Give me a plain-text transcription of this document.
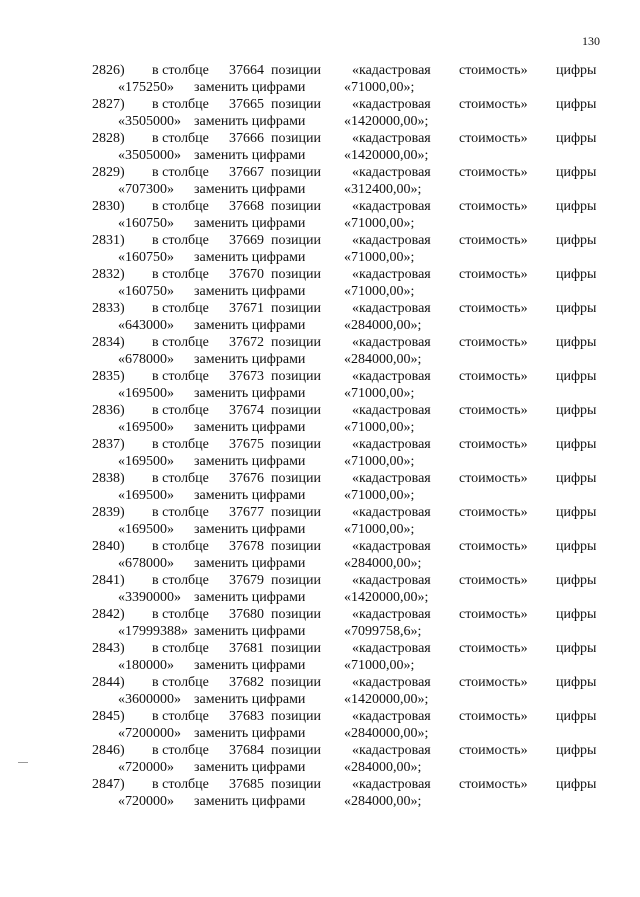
130
2826) в столбце 37664 позиции «кадастровая стоимость» цифры
«175250» заменить цифрами	«71000,00»;
2827) в столбце 37665 позиции «кадастровая стоимость» цифры
«3505000» заменить цифрами	«1420000,00»;
2828) в столбце 37666 позиции «кадастровая стоимость» цифры
«3505000» заменить цифрами	«1420000,00»;
2829) в столбце 37667 позиции «кадастровая стоимость» цифры
«707300» заменить цифрами	«312400,00»;
2830) в столбце 37668 позиции «кадастровая стоимость» цифры
«160750» заменить цифрами	«71000,00»;
2831) в столбце 37669 позиции «кадастровая стоимость» цифры
«160750» заменить цифрами	«71000,00»;
2832) в столбце 37670 позиции «кадастровая стоимость» цифры
«160750» заменить цифрами	«71000,00»;
2833) в столбце 37671 позиции «кадастровая стоимость» цифры
«643000» заменить цифрами	«284000,00»;
2834) в столбце 37672 позиции «кадастровая стоимость» цифры
«678000» заменить цифрами	«284000,00»;
2835) в столбце 37673 позиции «кадастровая стоимость» цифры
«169500» заменить цифрами	«71000,00»;
2836) в столбце 37674 позиции «кадастровая стоимость» цифры
«169500» заменить цифрами	«71000,00»;
2837) в столбце 37675 позиции «кадастровая стоимость» цифры
«169500» заменить цифрами	«71000,00»;
2838) в столбце 37676 позиции «кадастровая стоимость» цифры
«169500» заменить цифрами	«71000,00»;
2839) в столбце 37677 позиции «кадастровая стоимость» цифры
«169500» заменить цифрами	«71000,00»;
2840) в столбце 37678 позиции «кадастровая стоимость» цифры
«678000» заменить цифрами	«284000,00»;
2841) в столбце 37679 позиции «кадастровая стоимость» цифры
«3390000» заменить цифрами	«1420000,00»;
2842) в столбце 37680 позиции «кадастровая стоимость» цифры
«17999388» заменить цифрами	«7099758,6»;
2843) в столбце 37681 позиции «кадастровая стоимость» цифры
«180000» заменить цифрами	«71000,00»;
2844) в столбце 37682 позиции «кадастровая стоимость» цифры
«3600000» заменить цифрами	«1420000,00»;
2845) в столбце 37683 позиции «кадастровая стоимость» цифры
«7200000» заменить цифрами	«2840000,00»;
2846) в столбце 37684 позиции «кадастровая стоимость» цифры
«720000» заменить цифрами	«284000,00»;
2847) в столбце 37685 позиции «кадастровая стоимость» цифры
«720000» заменить цифрами	«284000,00»;
